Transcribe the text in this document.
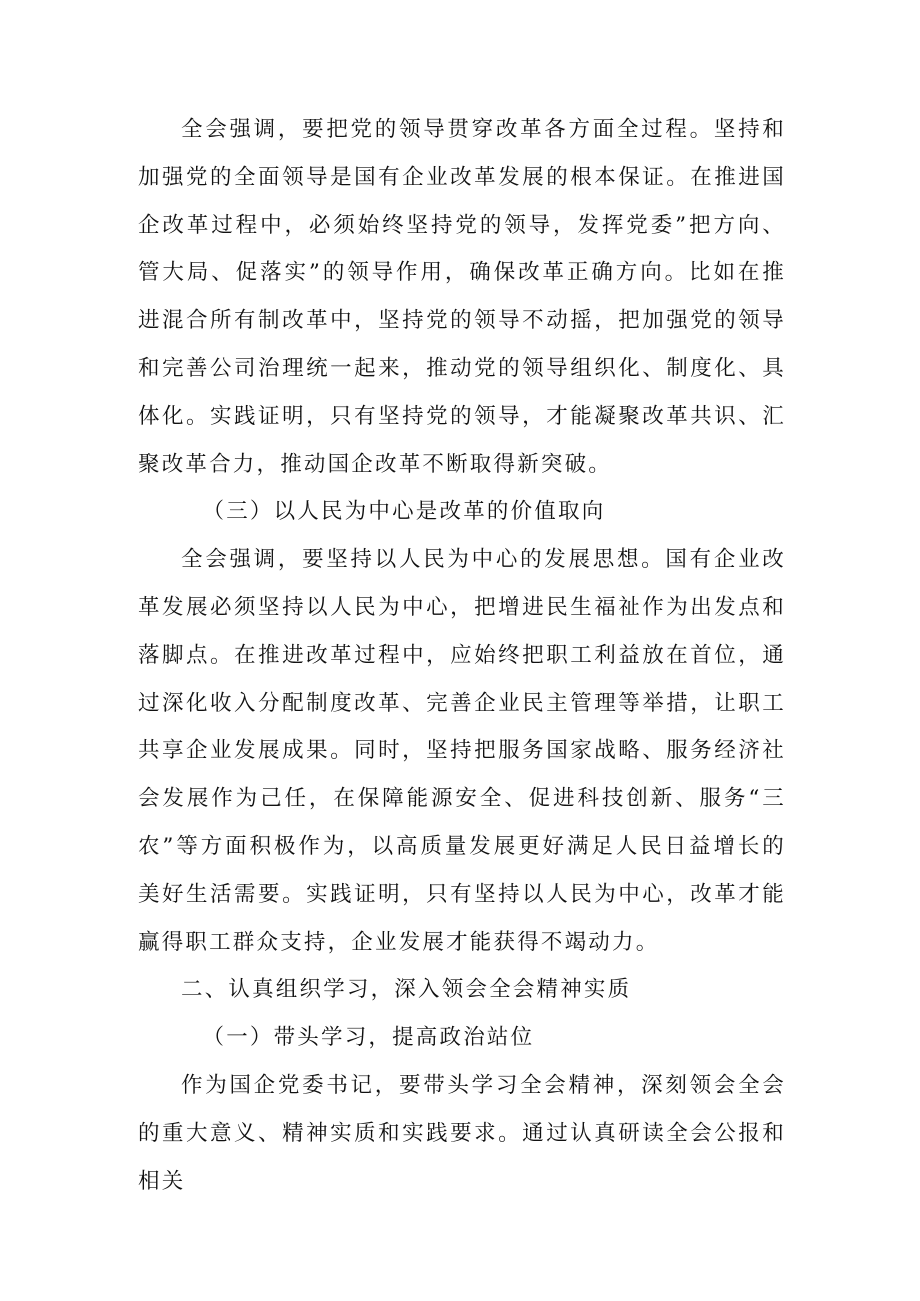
全会强调，要把党的领导贯穿改革各方面全过程。坚持和加强党的全面领导是国有企业改革发展的根本保证。在推进国企改革过程中，必须始终坚持党的领导，发挥党委”把方向、管大局、促落实”的领导作用，确保改革正确方向。比如在推进混合所有制改革中，坚持党的领导不动摇，把加强党的领导和完善公司治理统一起来，推动党的领导组织化、制度化、具体化。实践证明，只有坚持党的领导，才能凝聚改革共识、汇聚改革合力，推动国企改革不断取得新突破。

（三）以人民为中心是改革的价值取向

全会强调，要坚持以人民为中心的发展思想。国有企业改革发展必须坚持以人民为中心，把增进民生福祉作为出发点和落脚点。在推进改革过程中，应始终把职工利益放在首位，通过深化收入分配制度改革、完善企业民主管理等举措，让职工共享企业发展成果。同时，坚持把服务国家战略、服务经济社会发展作为己任，在保障能源安全、促进科技创新、服务“三农”等方面积极作为，以高质量发展更好满足人民日益增长的美好生活需要。实践证明，只有坚持以人民为中心，改革才能赢得职工群众支持，企业发展才能获得不竭动力。

二、认真组织学习，深入领会全会精神实质
（一）带头学习，提高政治站位

作为国企党委书记，要带头学习全会精神，深刻领会全会的重大意义、精神实质和实践要求。通过认真研读全会公报和相关
